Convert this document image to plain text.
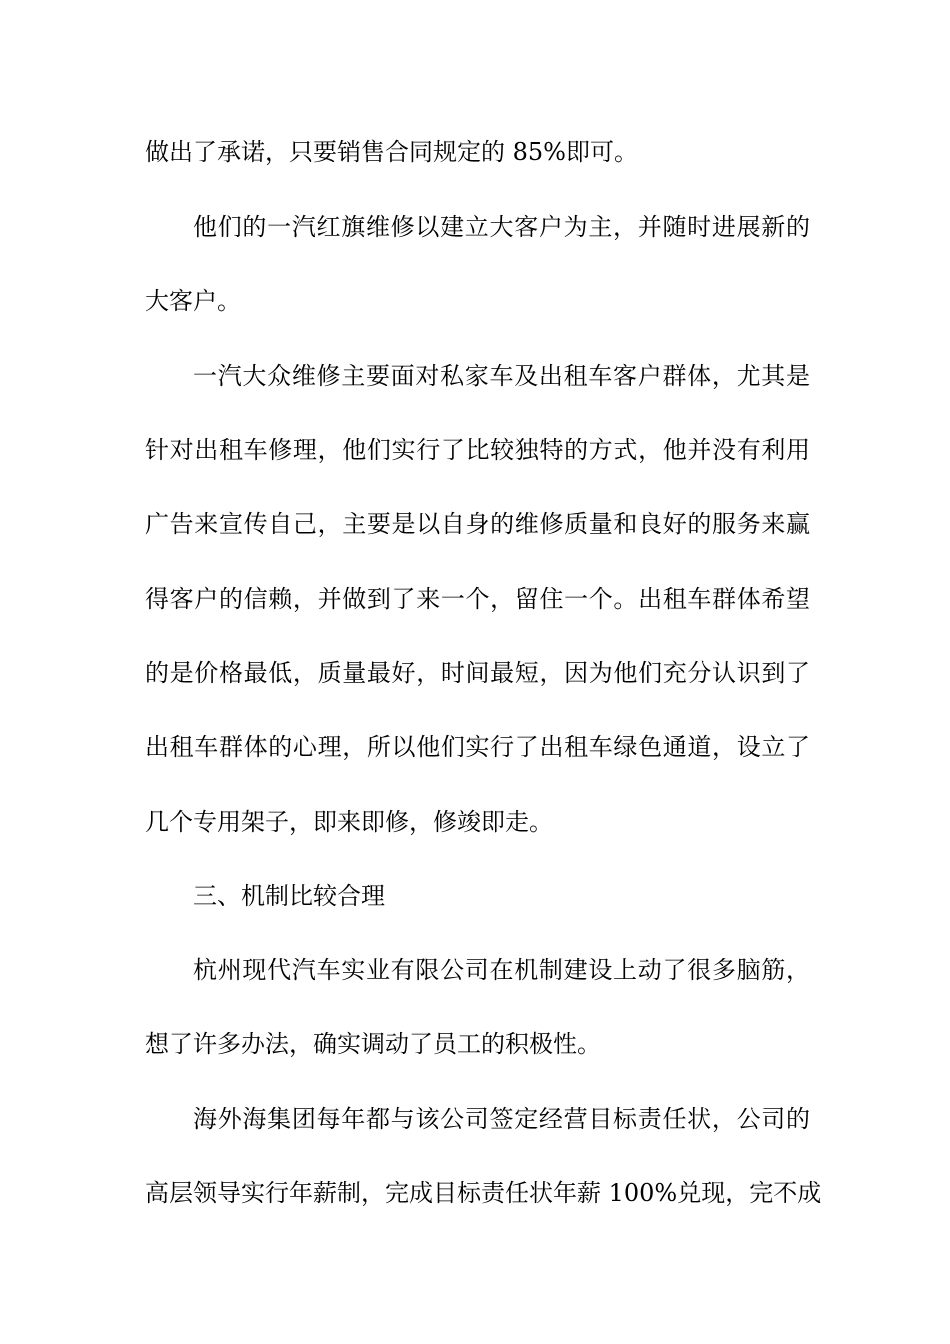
做出了承诺，只要销售合同规定的 85%即可。

他们的一汽红旗维修以建立大客户为主，并随时进展新的

大客户。

一汽大众维修主要面对私家车及出租车客户群体，尤其是

针对出租车修理，他们实行了比较独特的方式，他并没有利用

广告来宣传自己，主要是以自身的维修质量和良好的服务来赢

得客户的信赖，并做到了来一个，留住一个。出租车群体希望

的是价格最低，质量最好，时间最短，因为他们充分认识到了

出租车群体的心理，所以他们实行了出租车绿色通道，设立了

几个专用架子，即来即修，修竣即走。

三、机制比较合理

杭州现代汽车实业有限公司在机制建设上动了很多脑筋，

想了许多办法，确实调动了员工的积极性。

海外海集团每年都与该公司签定经营目标责任状，公司的

高层领导实行年薪制，完成目标责任状年薪 100%兑现，完不成
